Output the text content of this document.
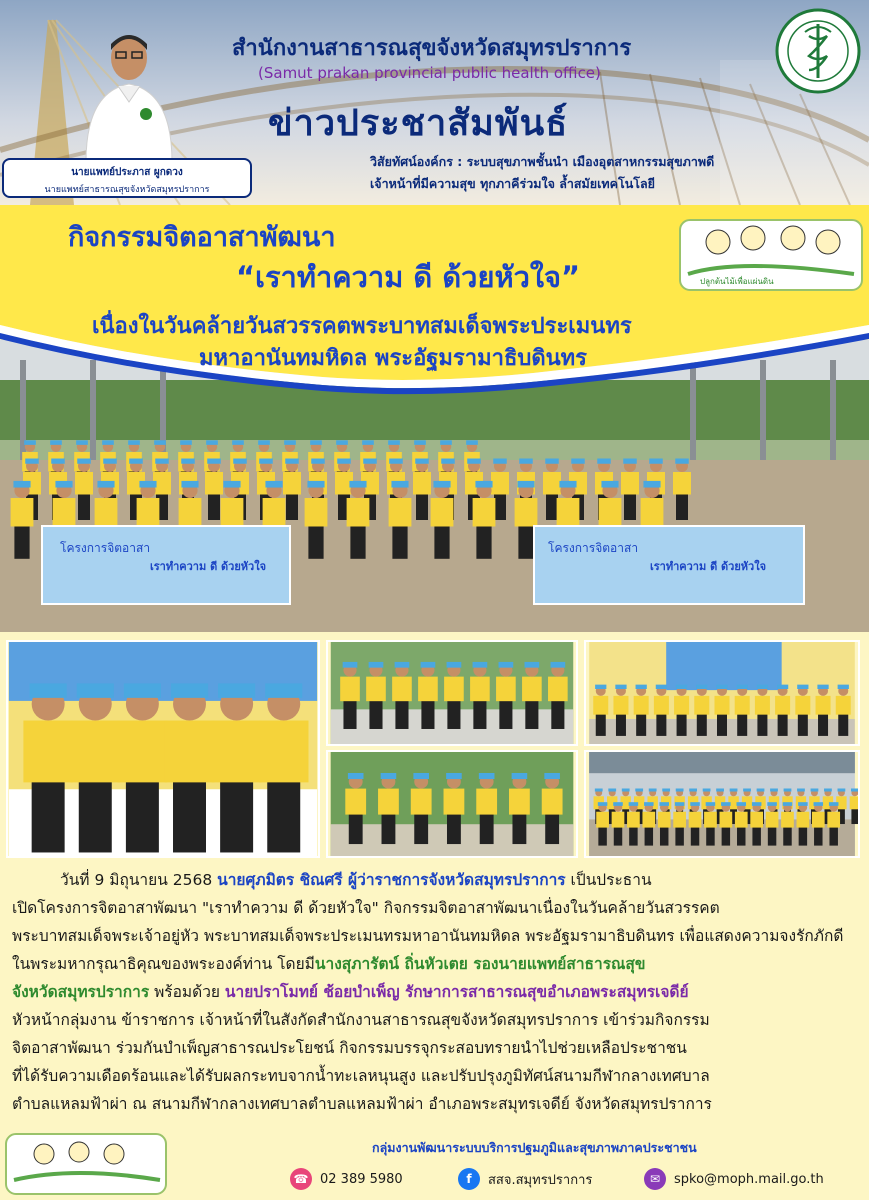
นายแพทย์ประภาส ผูกดวง
นายแพทย์สาธารณสุขจังหวัดสมุทรปราการ
สำนักงานสาธารณสุขจังหวัดสมุทรปราการ
(Samut prakan provincial public health office)
ข่าวประชาสัมพันธ์
วิสัยทัศน์องค์กร : ระบบสุขภาพชั้นนำ เมืองอุตสาหกรรมสุขภาพดี
เจ้าหน้าที่มีความสุข ทุกภาคีร่วมใจ ล้ำสมัยเทคโนโลยี
โครงการจิตอาสา
เราทำความ ดี ด้วยหัวใจ
โครงการจิตอาสา
เราทำความ ดี ด้วยหัวใจ
กิจกรรมจิตอาสาพัฒนา
“เราทำความ ดี ด้วยหัวใจ”
เนื่องในวันคล้ายวันสวรรคตพระบาทสมเด็จพระประเมนทร
มหาอานันทมหิดล พระอัฐมรามาธิบดินทร
ปลูกต้นไม้เพื่อแผ่นดิน
วันที่ 9 มิถุนายน 2568 นายศุภมิตร ชิณศรี ผู้ว่าราชการจังหวัดสมุทรปราการ เป็นประธาน
เปิดโครงการจิตอาสาพัฒนา "เราทำความ ดี ด้วยหัวใจ" กิจกรรมจิตอาสาพัฒนาเนื่องในวันคล้ายวันสวรรคต
พระบาทสมเด็จพระเจ้าอยู่หัว พระบาทสมเด็จพระประเมนทรมหาอานันทมหิดล พระอัฐมรามาธิบดินทร เพื่อแสดงความจงรักภักดี
ในพระมหากรุณาธิคุณของพระองค์ท่าน โดยมีนางสุภารัตน์ ถิ่นหัวเตย รองนายแพทย์สาธารณสุข
จังหวัดสมุทรปราการ พร้อมด้วย นายปราโมทย์ ช้อยบำเพ็ญ รักษาการสาธารณสุขอำเภอพระสมุทรเจดีย์
หัวหน้ากลุ่มงาน ข้าราชการ เจ้าหน้าที่ในสังกัดสำนักงานสาธารณสุขจังหวัดสมุทรปราการ เข้าร่วมกิจกรรม
จิตอาสาพัฒนา ร่วมกันบำเพ็ญสาธารณประโยชน์ กิจกรรมบรรจุกระสอบทรายนำไปช่วยเหลือประชาชน
ที่ได้รับความเดือดร้อนและได้รับผลกระทบจากน้ำทะเลหนุนสูง และปรับปรุงภูมิทัศน์สนามกีฬากลางเทศบาล
ตำบลแหลมฟ้าผ่า ณ สนามกีฬากลางเทศบาลตำบลแหลมฟ้าผ่า อำเภอพระสมุทรเจดีย์ จังหวัดสมุทรปราการ
กลุ่มงานพัฒนาระบบบริการปฐมภูมิและสุขภาพภาคประชาชน
☎ 02 389 5980	f	สสจ.สมุทรปราการ	✉	spko@moph.mail.go.th
